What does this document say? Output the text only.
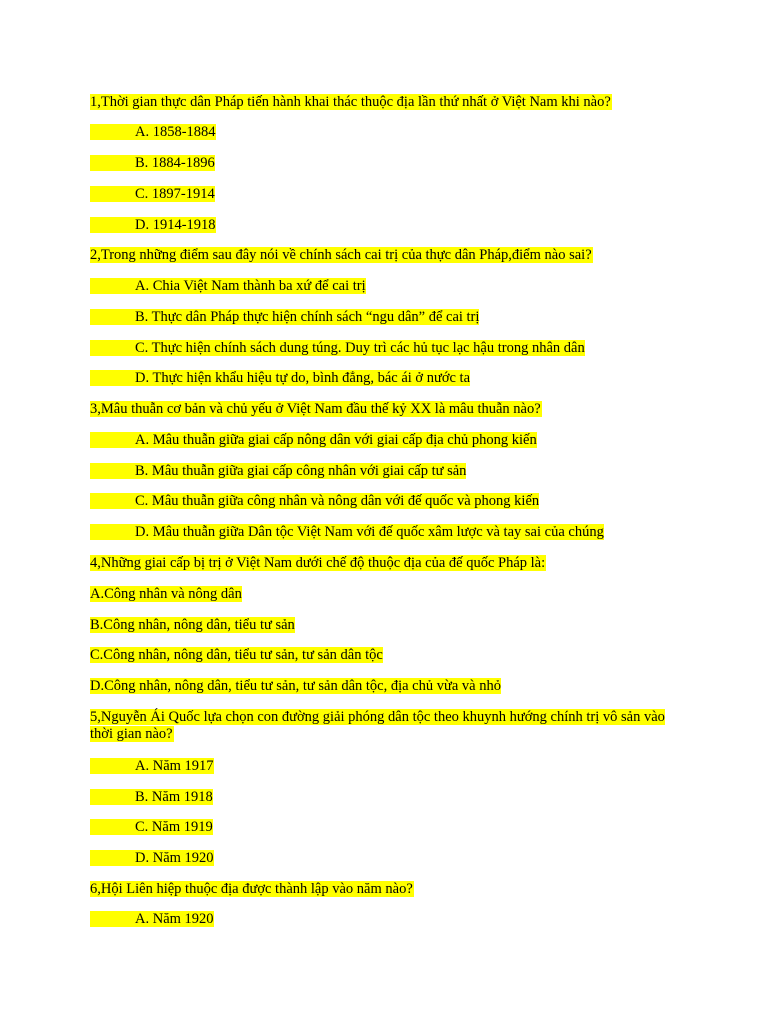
1,Thời gian thực dân Pháp tiến hành khai thác thuộc địa lần thứ nhất ở Việt Nam khi nào?
A. 1858-1884
B. 1884-1896
C. 1897-1914
D. 1914-1918
2,Trong những điểm sau đây nói về chính sách cai trị của thực dân Pháp,điểm nào sai?
A. Chia Việt Nam thành ba xứ để cai trị
B. Thực dân Pháp thực hiện chính sách “ngu dân” để cai trị
C. Thực hiện chính sách dung túng. Duy trì các hủ tục lạc hậu trong nhân dân
D. Thực hiện khẩu hiệu tự do, bình đẳng, bác ái ở nước ta
3,Mâu thuẫn cơ bản và chủ yếu ở Việt Nam đầu thế kỷ XX là mâu thuẫn nào?
A. Mâu thuẫn giữa giai cấp nông dân với giai cấp địa chủ phong kiến
B. Mâu thuẫn giữa giai cấp công nhân với giai cấp tư sản
C. Mâu thuẫn giữa công nhân và nông dân với đế quốc và phong kiến
D. Mâu thuẫn giữa Dân tộc Việt Nam với đế quốc xâm lược và tay sai của chúng
4,Những giai cấp bị trị ở Việt Nam dưới chế độ thuộc địa của đế quốc Pháp là:
A.Công nhân và nông dân
B.Công nhân, nông dân, tiểu tư sản
C.Công nhân, nông dân, tiểu tư sản, tư sản dân tộc
D.Công nhân, nông dân, tiểu tư sản, tư sản dân tộc, địa chủ vừa và nhỏ
5,Nguyễn Ái Quốc lựa chọn con đường giải phóng dân tộc theo khuynh hướng chính trị vô sản vào thời gian nào?
A. Năm 1917
B. Năm 1918
C. Năm 1919
D. Năm 1920
6,Hội Liên hiệp thuộc địa được thành lập vào năm nào?
A. Năm 1920
